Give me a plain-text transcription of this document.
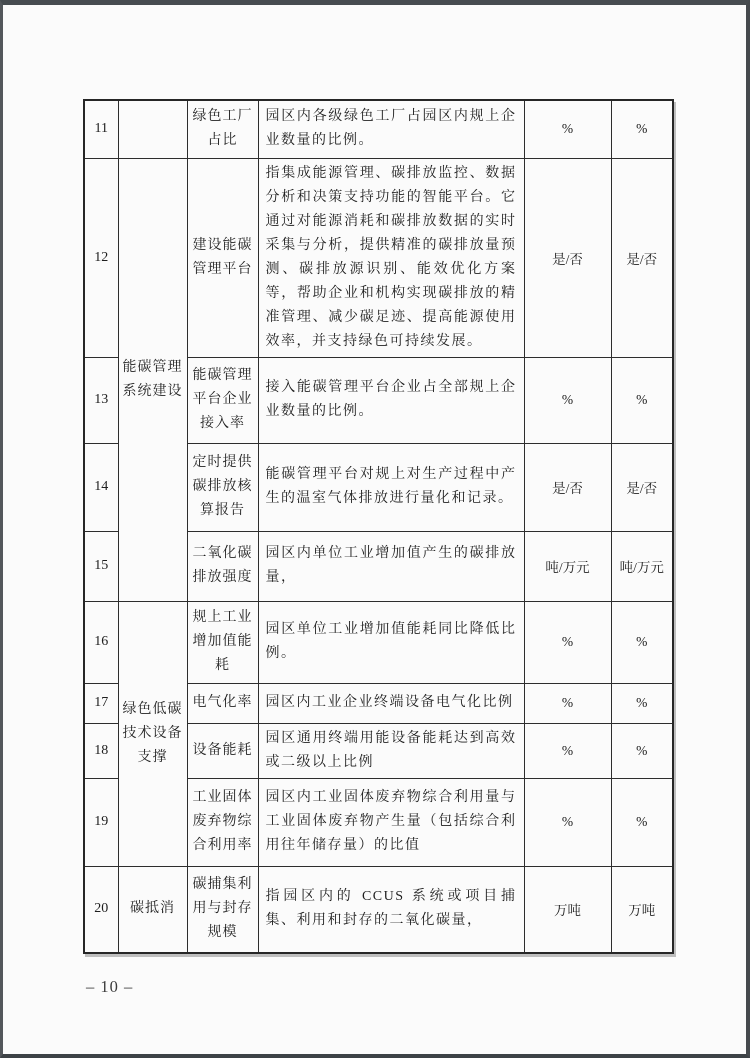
11		绿色工厂占比	园区内各级绿色工厂占园区内规上企业数量的比例。	%	%
12	能碳管理系统建设	建设能碳管理平台	指集成能源管理、碳排放监控、数据分析和决策支持功能的智能平台。它通过对能源消耗和碳排放数据的实时采集与分析，提供精准的碳排放量预测、碳排放源识别、能效优化方案等，帮助企业和机构实现碳排放的精准管理、减少碳足迹、提高能源使用效率，并支持绿色可持续发展。	是/否	是/否
13		能碳管理平台企业接入率	接入能碳管理平台企业占全部规上企业数量的比例。	%	%
14		定时提供碳排放核算报告	能碳管理平台对规上对生产过程中产生的温室气体排放进行量化和记录。	是/否	是/否
15		二氧化碳排放强度	园区内单位工业增加值产生的碳排放量，	吨/万元	吨/万元
16	绿色低碳技术设备支撑	规上工业增加值能耗	园区单位工业增加值能耗同比降低比例。	%	%
17		电气化率	园区内工业企业终端设备电气化比例	%	%
18		设备能耗	园区通用终端用能设备能耗达到高效或二级以上比例	%	%
19		工业固体废弃物综合利用率	园区内工业固体废弃物综合利用量与工业固体废弃物产生量（包括综合利用往年储存量）的比值	%	%
20	碳抵消	碳捕集利用与封存规模	指园区内的 CCUS 系统或项目捕集、利用和封存的二氧化碳量，	万吨	万吨
– 10 –
